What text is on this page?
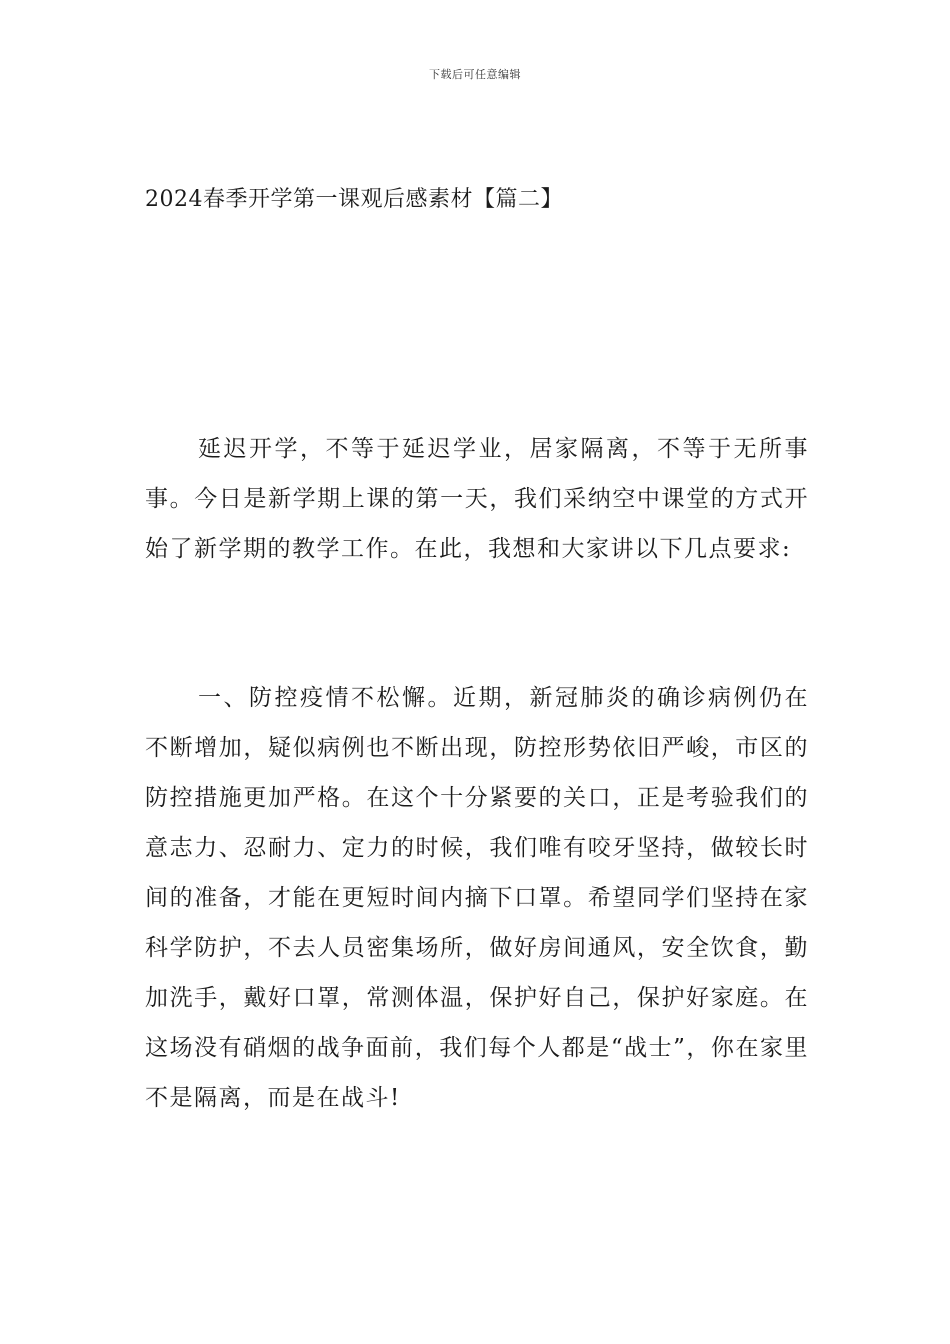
下载后可任意编辑
2024春季开学第一课观后感素材【篇二】

延迟开学，不等于延迟学业，居家隔离，不等于无所事事。今日是新学期上课的第一天，我们采纳空中课堂的方式开始了新学期的教学工作。在此，我想和大家讲以下几点要求:

一、防控疫情不松懈。近期，新冠肺炎的确诊病例仍在不断增加，疑似病例也不断出现，防控形势依旧严峻，市区的防控措施更加严格。在这个十分紧要的关口，正是考验我们的意志力、忍耐力、定力的时候，我们唯有咬牙坚持，做较长时间的准备，才能在更短时间内摘下口罩。希望同学们坚持在家科学防护，不去人员密集场所，做好房间通风，安全饮食，勤加洗手，戴好口罩，常测体温，保护好自己，保护好家庭。在这场没有硝烟的战争面前，我们每个人都是“战士”，你在家里不是隔离，而是在战斗!
